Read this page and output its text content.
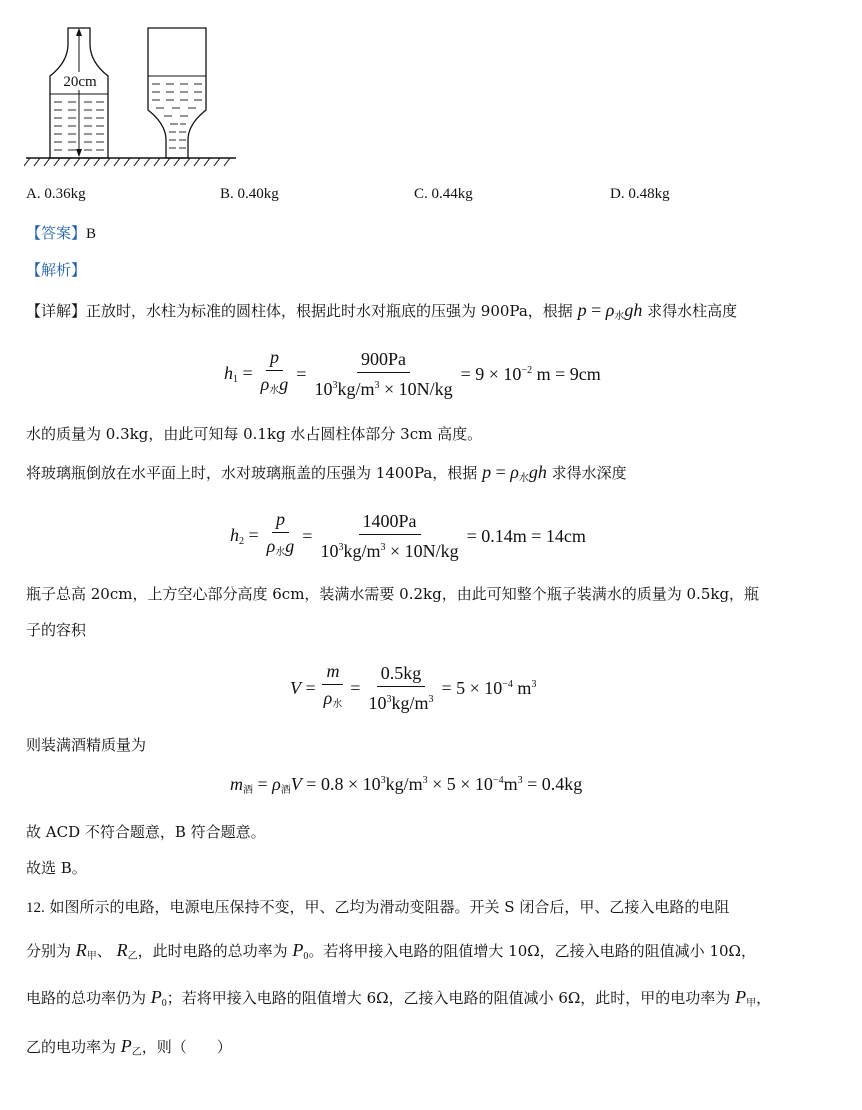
20cm
A. 0.36kg	B. 0.40kg	C. 0.44kg	D. 0.48kg
【答案】B
【解析】
【详解】正放时，水柱为标准的圆柱体，根据此时水对瓶底的压强为 900Pa，根据 $p = \rho_水gh$ 求得水柱高度
$h_1 = \frac{p}{\rho_水g} = \frac{900Pa}{10^3kg/m^3 \times 10N/kg} = 9 \times 10^{-2}$ m = 9cm
水的质量为 0.3kg，由此可知每 0.1kg 水占圆柱体部分 3cm 高度。
将玻璃瓶倒放在水平面上时，水对玻璃瓶盖的压强为 1400Pa，根据 $p = \rho_水gh$ 求得水深度
$h_2 = \frac{p}{\rho_水g} = \frac{1400Pa}{10^3kg/m^3 \times 10N/kg} = 0.14m = 14cm$
瓶子总高 20cm，上方空心部分高度 6cm，装满水需要 0.2kg，由此可知整个瓶子装满水的质量为 0.5kg，瓶
子的容积
$V = \frac{m}{\rho_水} = \frac{0.5kg}{10^3kg/m^3} = 5 \times 10^{-4}$ $m^3$
则装满酒精质量为
$m_酒 = \rho_酒V = 0.8 \times 10^3kg/m^3 \times 5 \times 10^{-4}m^3 = 0.4kg$
故 ACD 不符合题意，B 符合题意。
故选 B。
12. 如图所示的电路，电源电压保持不变，甲、乙均为滑动变阻器。开关 S 闭合后，甲、乙接入电路的电阻
分别为 $R_甲$、 $R_乙$，此时电路的总功率为 $P_0$。若将甲接入电路的阻值增大 10Ω，乙接入电路的阻值减小 10Ω，
电路的总功率仍为 $P_0$；若将甲接入电路的阻值增大 6Ω，乙接入电路的阻值减小 6Ω，此时，甲的电功率为 $P_甲$，
乙的电功率为 $P_乙$，则（　　）
